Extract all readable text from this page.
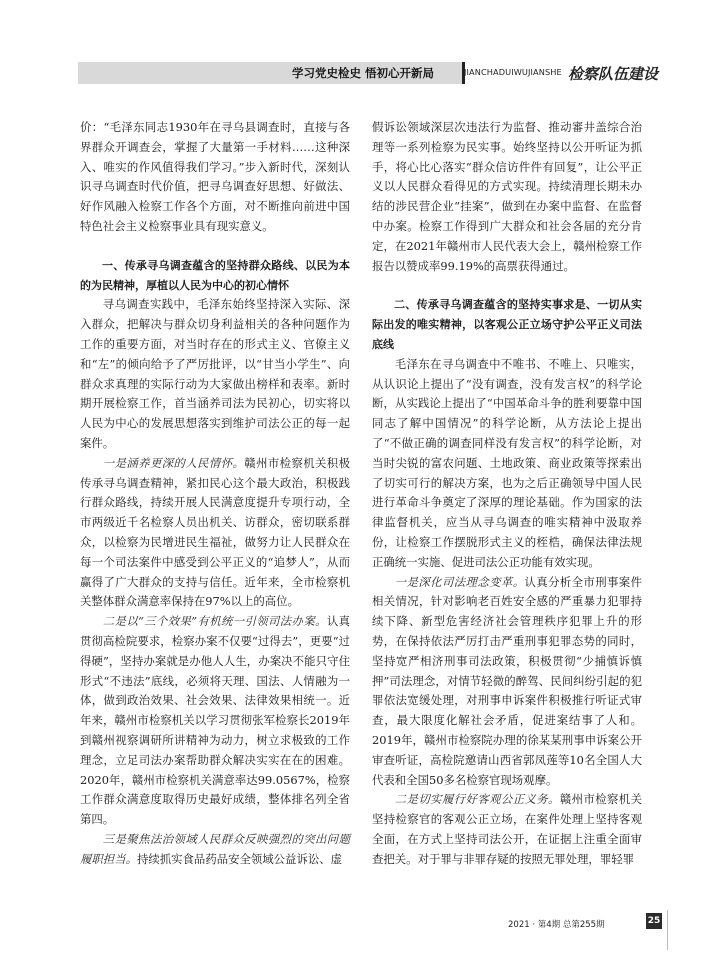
学习党史检史 悟初心开新局	JIANCHADUIWUJIANSHE 检察队伍建设

价：“毛泽东同志1930年在寻乌县调查时，直接与各界群众开调查会，掌握了大量第一手材料……这种深入、唯实的作风值得我们学习。”步入新时代，深刻认识寻乌调查时代价值，把寻乌调查好思想、好做法、好作风融入检察工作各个方面，对不断推向前进中国特色社会主义检察事业具有现实意义。

一、传承寻乌调查蕴含的坚持群众路线、以民为本的为民精神，厚植以人民为中心的初心情怀

寻乌调查实践中，毛泽东始终坚持深入实际、深入群众，把解决与群众切身利益相关的各种问题作为工作的重要方面，对当时存在的形式主义、官僚主义和“左”的倾向给予了严厉批评，以“甘当小学生”、向群众求真理的实际行动为大家做出榜样和表率。新时期开展检察工作，首当涵养司法为民初心，切实将以人民为中心的发展思想落实到维护司法公正的每一起案件。

一是涵养更深的人民情怀。赣州市检察机关积极传承寻乌调查精神，紧扣民心这个最大政治，积极践行群众路线，持续开展人民满意度提升专项行动，全市两级近千名检察人员出机关、访群众，密切联系群众，以检察为民增进民生福祉，做努力让人民群众在每一个司法案件中感受到公平正义的“追梦人”，从而赢得了广大群众的支持与信任。近年来，全市检察机关整体群众满意率保持在97%以上的高位。

二是以“三个效果”有机统一引领司法办案。认真贯彻高检院要求，检察办案不仅要“过得去”，更要“过得硬”，坚持办案就是办他人人生，办案决不能只守住形式“不违法”底线，必须将天理、国法、人情融为一体，做到政治效果、社会效果、法律效果相统一。近年来，赣州市检察机关以学习贯彻张军检察长2019年到赣州视察调研所讲精神为动力，树立求极致的工作理念，立足司法办案帮助群众解决实实在在的困难。2020年，赣州市检察机关满意率达99.0567%，检察工作群众满意度取得历史最好成绩，整体排名列全省第四。

三是聚焦法治领域人民群众反映强烈的突出问题履职担当。持续抓实食品药品安全领域公益诉讼、虚

假诉讼领域深层次违法行为监督、推动審井盖综合治理等一系列检察为民实事。始终坚持以公开听证为抓手，将心比心落实“群众信访件件有回复”，让公平正义以人民群众看得见的方式实现。持续清理长期未办结的涉民营企业“挂案”，做到在办案中监督、在监督中办案。检察工作得到广大群众和社会各届的充分肯定，在2021年赣州市人民代表大会上，赣州检察工作报告以赞成率99.19%的高票获得通过。

二、传承寻乌调查蕴含的坚持实事求是、一切从实际出发的唯实精神，以客观公正立场守护公平正义司法底线

毛泽东在寻乌调查中不唯书、不唯上、只唯实，从认识论上提出了“没有调查，没有发言权”的科学论断，从实践论上提出了“中国革命斗争的胜利要靠中国同志了解中国情况”的科学论断，从方法论上提出了“不做正确的调查同样没有发言权”的科学论断，对当时尖锐的富农问题、土地政策、商业政策等探索出了切实可行的解决方案，也为之后正确领导中国人民进行革命斗争奠定了深厚的理论基础。作为国家的法律监督机关，应当从寻乌调查的唯实精神中汲取养份，让检察工作摆脱形式主义的桎梏，确保法律法规正确统一实施、促进司法公正功能有效实现。

一是深化司法理念变革。认真分析全市刑事案件相关情况，针对影响老百姓安全感的严重暴力犯罪持续下降、新型危害经济社会管理秩序犯罪上升的形势，在保持依法严厉打击严重刑事犯罪态势的同时，坚持宽严相济刑事司法政策，积极贯彻“少捕慎诉慎押”司法理念，对情节轻微的醉驾、民间纠纷引起的犯罪依法宽缓处理，对刑事申诉案件积极推行听证式审查，最大限度化解社会矛盾，促进案结事了人和。2019年，赣州市检察院办理的徐某某刑事申诉案公开审查听证，高检院邀请山西省郭凤莲等10名全国人大代表和全国50多名检察官现场观摩。

二是切实履行好客观公正义务。赣州市检察机关坚持检察官的客观公正立场，在案件处理上坚持客观全面，在方式上坚持司法公开，在证据上注重全面审查把关。对于罪与非罪存疑的按照无罪处理，罪轻罪

2021 · 第4期 总第255期	25
